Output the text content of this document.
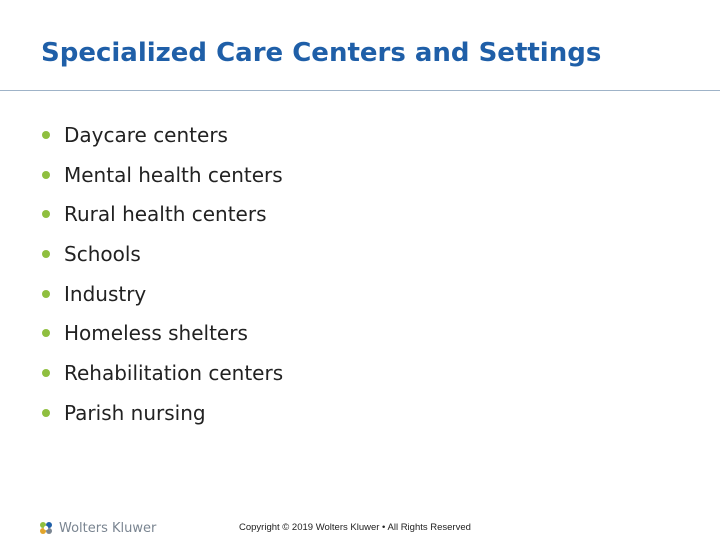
Specialized Care Centers and Settings
Daycare centers
Mental health centers
Rural health centers
Schools
Industry
Homeless shelters
Rehabilitation centers
Parish nursing
Wolters Kluwer	Copyright © 2019 Wolters Kluwer • All Rights Reserved
